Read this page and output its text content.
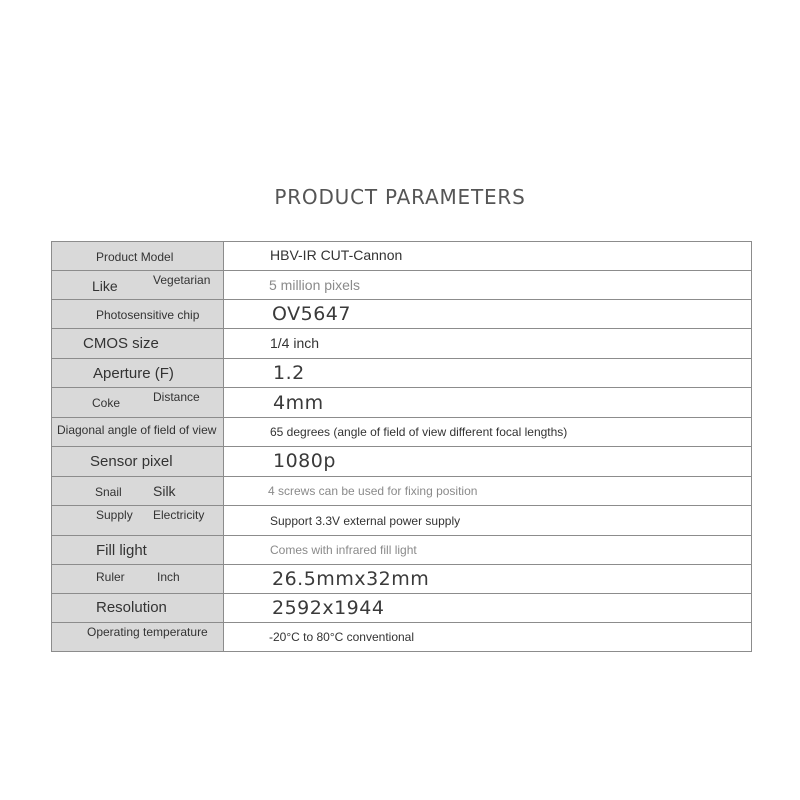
PRODUCT PARAMETERS
Product Model	HBV-IR CUT-Cannon

Like Vegetarian	5 million pixels

Photosensitive chip	OV5647

CMOS size	1/4 inch

Aperture (F)	1.2

Coke Distance	4mm

Diagonal angle of field of view	65 degrees (angle of field of view different focal lengths)

Sensor pixel	1080p

Snail Silk	4 screws can be used for fixing position

Supply Electricity	Support 3.3V external power supply

Fill light	Comes with infrared fill light

Ruler Inch	26.5mmx32mm

Resolution	2592x1944

Operating temperature	-20°C to 80°C conventional
